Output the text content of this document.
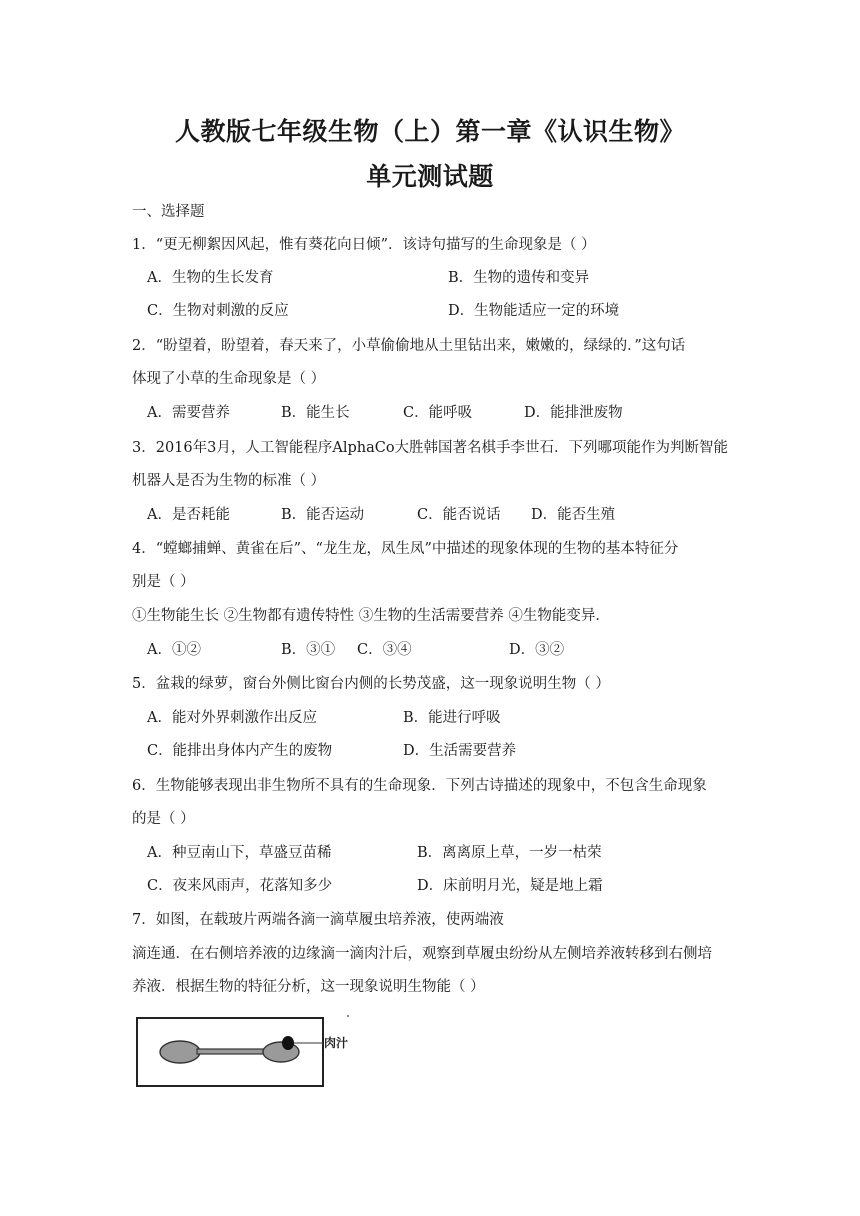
人教版七年级生物（上）第一章《认识生物》
单元测试题
一、选择题
1．“更无柳絮因风起，惟有葵花向日倾”．该诗句描写的生命现象是（ ）
A．生物的生长发育	B．生物的遗传和变异
C．生物对刺激的反应	D．生物能适应一定的环境
2．“盼望着，盼望着，春天来了，小草偷偷地从土里钻出来，嫩嫩的，绿绿的．”这句话
体现了小草的生命现象是（ ）
A．需要营养	B．能生长	C．能呼吸	D．能排泄废物
3．2016年3月，人工智能程序AlphaCo大胜韩国著名棋手李世石．下列哪项能作为判断智能
机器人是否为生物的标准（ ）
A．是否耗能	B．能否运动	C．能否说话 D．能否生殖
4．“螳螂捕蝉、黄雀在后”、“龙生龙，凤生凤”中描述的现象体现的生物的基本特征分
别是（ ）
①生物能生长 ②生物都有遗传特性 ③生物的生活需要营养 ④生物能变异．
A．①②	B．③① C．③④	D．③②
5．盆栽的绿萝，窗台外侧比窗台内侧的长势茂盛，这一现象说明生物（ ）
A．能对外界刺激作出反应	B．能进行呼吸
C．能排出身体内产生的废物	D．生活需要营养
6．生物能够表现出非生物所不具有的生命现象．下列古诗描述的现象中，不包含生命现象
的是（ ）
A．种豆南山下，草盛豆苗稀	B．离离原上草，一岁一枯荣
C．夜来风雨声，花落知多少	D．床前明月光，疑是地上霜
7．如图，在载玻片两端各滴一滴草履虫培养液，使两端液
滴连通．在右侧培养液的边缘滴一滴肉汁后，观察到草履虫纷纷从左侧培养液转移到右侧培
养液．根据生物的特征分析，这一现象说明生物能（ ）
肉汁
